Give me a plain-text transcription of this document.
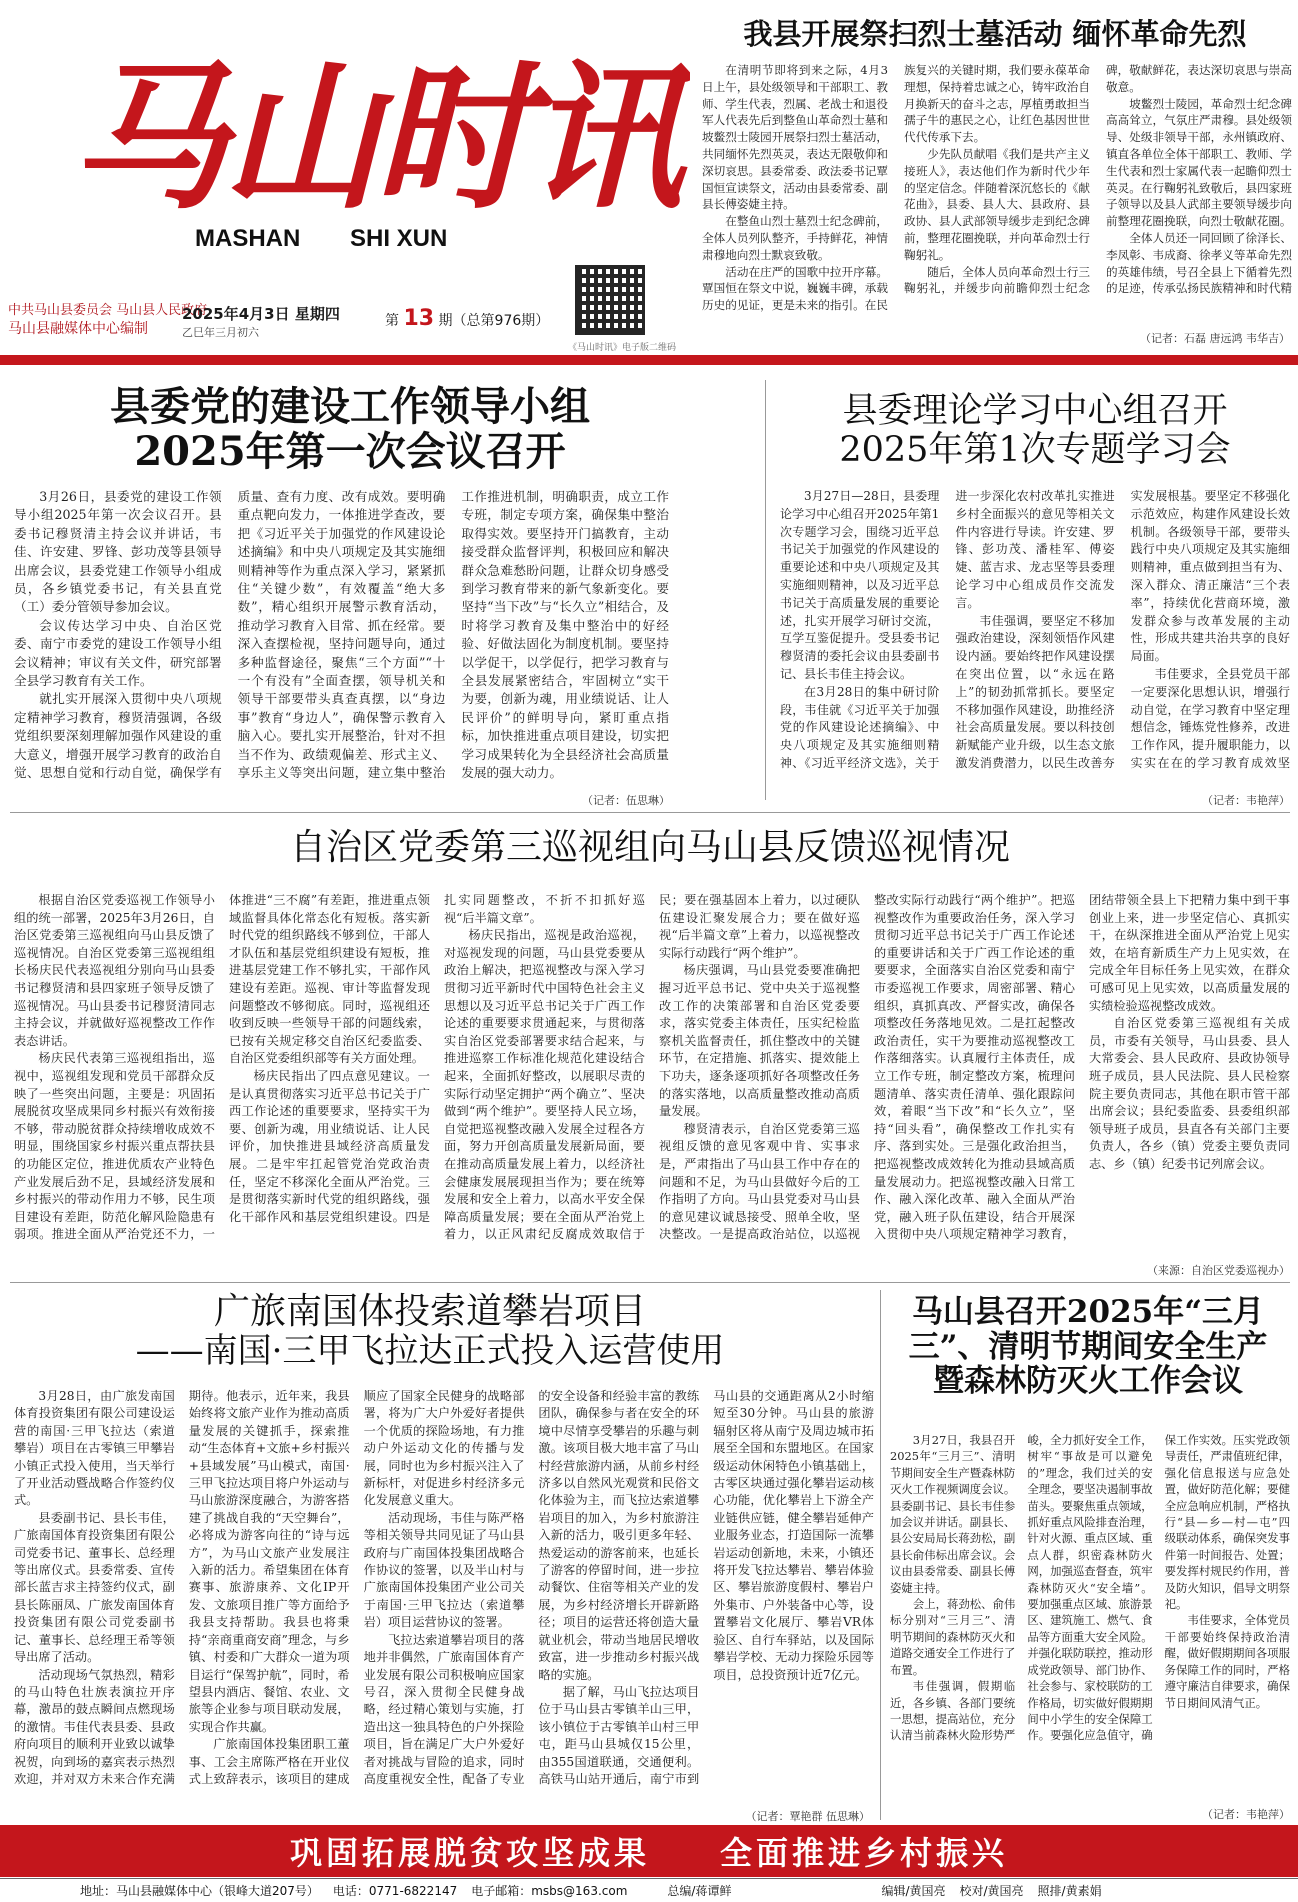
马山时讯
MASHAN SHI XUN
中共马山县委员会 马山县人民政府
马山县融媒体中心编制
2025年4月3日 星期四
乙巳年三月初六
第 13 期（总第976期）
《马山时讯》电子版二维码
我县开展祭扫烈士墓活动 缅怀革命先烈

在清明节即将到来之际，4月3日上午，县处级领导和干部职工、教师、学生代表，烈属、老战士和退役军人代表先后到整鱼山革命烈士墓和坡鳖烈士陵园开展祭扫烈士墓活动，共同缅怀先烈英灵，表达无限敬仰和深切哀思。县委常委、政法委书记覃国恒宣读祭文，活动由县委常委、副县长傅姿婕主持。

在整鱼山烈士墓烈士纪念碑前，全体人员列队整齐，手持鲜花，神情肃穆地向烈士默哀致敬。

活动在庄严的国歌中拉开序幕。覃国恒在祭文中说，巍巍丰碑，承载历史的见证，更是未来的指引。在民族复兴的关键时期，我们要永葆革命理想，保持着忠诚之心，铸牢政治自月换新天的奋斗之志，厚植勇敢担当孺子牛的惠民之心，让红色基因世世代代传承下去。

少先队员献唱《我们是共产主义接班人》，表达他们作为新时代少年的坚定信念。伴随着深沉悠长的《献花曲》，县委、县人大、县政府、县政协、县人武部领导缓步走到纪念碑前，整理花圈挽联，并向革命烈士行鞠躬礼。

随后，全体人员向革命烈士行三鞠躬礼，并缓步向前瞻仰烈士纪念碑，敬献鲜花，表达深切哀思与崇高敬意。

坡鳖烈士陵园，革命烈士纪念碑高高耸立，气氛庄严肃穆。县处级领导、处级非领导干部，永州镇政府、镇直各单位全体干部职工、教师、学生代表和烈士家属代表一起瞻仰烈士英灵。在行鞠躬礼致敬后，县四家班子领导以及县人武部主要领导缓步向前整理花圈挽联，向烈士敬献花圈。

全体人员还一同回顾了徐泽长、李凤彰、韦成裔、徐孝义等革命先烈的英雄伟绩，号召全县上下循着先烈的足迹，传承弘扬民族精神和时代精

（记者：石磊 唐远鸿 韦华吉）
县委党的建设工作领导小组
2025年第一次会议召开

3月26日，县委党的建设工作领导小组2025年第一次会议召开。县委书记穆贤清主持会议并讲话，韦佳、许安建、罗锋、彭功茂等县领导出席会议，县委党建工作领导小组成员，各乡镇党委书记，有关县直党（工）委分管领导参加会议。

会议传达学习中央、自治区党委、南宁市委党的建设工作领导小组会议精神；审议有关文件，研究部署全县学习教育有关工作。

就扎实开展深入贯彻中央八项规定精神学习教育，穆贤清强调，各级党组织要深刻理解加强作风建设的重大意义，增强开展学习教育的政治自觉、思想自觉和行动自觉，确保学有质量、查有力度、改有成效。要明确重点靶向发力，一体推进学查改，要把《习近平关于加强党的作风建设论述摘编》和中央八项规定及其实施细则精神等作为重点深入学习，紧紧抓住“关键少数”，有效覆盖“绝大多数”，精心组织开展警示教育活动，推动学习教育入目常、抓在经常。要深入查摆检视，坚持问题导向，通过多种监督途径，聚焦“三个方面”“十一个有没有”全面查摆，领导机关和领导干部要带头真查真摆，以“身边事”教育“身边人”，确保警示教育入脑入心。要扎实开展整治，针对不担当不作为、政绩观偏差、形式主义、享乐主义等突出问题，建立集中整治工作推进机制，明确职责，成立工作专班，制定专项方案，确保集中整治取得实效。要坚持开门搞教育，主动接受群众监督评判，积极回应和解决群众急难愁盼问题，让群众切身感受到学习教育带来的新气象新变化。要坚持“当下改”与“长久立”相结合，及时将学习教育及集中整治中的好经验、好做法固化为制度机制。要坚持以学促干，以学促行，把学习教育与全县发展紧密结合，牢固树立“实干为要，创新为魂，用业绩说话、让人民评价”的鲜明导向，紧盯重点指标，加快推进重点项目建设，切实把学习成果转化为全县经济社会高质量发展的强大动力。

（记者：伍思琳）
县委理论学习中心组召开
2025年第1次专题学习会

3月27日—28日，县委理论学习中心组召开2025年第1次专题学习会，围绕习近平总书记关于加强党的作风建设的重要论述和中央八项规定及其实施细则精神，以及习近平总书记关于高质量发展的重要论述，扎实开展学习研讨交流，互学互鉴促提升。受县委书记穆贤清的委托会议由县委副书记、县长韦佳主持会议。

在3月28日的集中研讨阶段，韦佳就《习近平关于加强党的作风建设论述摘编》、中央八项规定及其实施细则精神、《习近平经济文选》，关于进一步深化农村改革扎实推进乡村全面振兴的意见等相关文件内容进行导读。许安建、罗锋、彭功茂、潘桂军、傅姿婕、蓝吉求、龙志坚等县委理论学习中心组成员作交流发言。

韦佳强调，要坚定不移加强政治建设，深刻领悟作风建设内涵。要始终把作风建设摆在突出位置，以“永远在路上”的韧劲抓常抓长。要坚定不移加强作风建设，助推经济社会高质量发展。要以科技创新赋能产业升级，以生态文旅激发消费潜力，以民生改善夯实发展根基。要坚定不移强化示范效应，构建作风建设长效机制。各级领导干部，要带头践行中央八项规定及其实施细则精神，重点做到担当有为、深入群众、清正廉洁“三个表率”，持续优化营商环境，激发群众参与改革发展的主动性，形成共建共治共享的良好局面。

韦佳要求，全县党员干部一定要深化思想认识，增强行动自觉，在学习教育中坚定理想信念，锤炼党性修养，改进工作作风，提升履职能力，以实实在在的学习教育成效坚

（记者：韦艳萍）
自治区党委第三巡视组向马山县反馈巡视情况

根据自治区党委巡视工作领导小组的统一部署，2025年3月26日，自治区党委第三巡视组向马山县反馈了巡视情况。自治区党委第三巡视组组长杨庆民代表巡视组分别向马山县委书记穆贤清和县四家班子领导反馈了巡视情况。马山县委书记穆贤清同志主持会议，并就做好巡视整改工作作表态讲话。

杨庆民代表第三巡视组指出，巡视中，巡视组发现和党员干部群众反映了一些突出问题，主要是：巩固拓展脱贫攻坚成果同乡村振兴有效衔接不够，带动脱贫群众持续增收成效不明显，围绕国家乡村振兴重点帮扶县的功能区定位，推进优质农产业特色产业发展后劲不足，县域经济发展和乡村振兴的带动作用力不够，民生项目建设有差距，防范化解风险隐患有弱项。推进全面从严治党还不力，一体推进“三不腐”有差距，推进重点领域监督具体化常态化有短板。落实新时代党的组织路线不够到位，干部人才队伍和基层党组织建设有短板，推进基层党建工作不够扎实，干部作风建设有差距。巡视、审计等监督发现问题整改不够彻底。同时，巡视组还收到反映一些领导干部的问题线索，已按有关规定移交自治区纪委监委、自治区党委组织部等有关方面处理。

杨庆民指出了四点意见建议。一是认真贯彻落实习近平总书记关于广西工作论述的重要要求，坚持实干为要、创新为魂，用业绩说话、让人民评价，加快推进县域经济高质量发展。二是牢牢扛起管党治党政治责任，坚定不移深化全面从严治党。三是贯彻落实新时代党的组织路线，强化干部作风和基层党组织建设。四是扎实同题整改，不折不扣抓好巡视“后半篇文章”。

杨庆民指出，巡视是政治巡视，对巡视发现的问题，马山县党委要从政治上解决，把巡视整改与深入学习贯彻习近平新时代中国特色社会主义思想以及习近平总书记关于广西工作论述的重要要求贯通起来，与贯彻落实自治区党委部署要求结合起来，与推进巡察工作标准化规范化建设结合起来，全面抓好整改，以展职尽责的实际行动坚定拥护“两个确立”、坚决做到“两个维护”。要坚持人民立场，自觉把巡视整改融入发展全过程各方面，努力开创高质量发展新局面，要在推动高质量发展上着力，以经济社会健康发展展现担当作为；要在统筹发展和安全上着力，以高水平安全保障高质量发展；要在全面从严治党上着力，以正风肃纪反腐成效取信于民；要在强基固本上着力，以过硬队伍建设汇聚发展合力；要在做好巡视“后半篇文章”上着力，以巡视整改实际行动践行“两个维护”。

杨庆强调，马山县党委要准确把握习近平总书记、党中央关于巡视整改工作的决策部署和自治区党委要求，落实党委主体责任，压实纪检监察机关监督责任，抓住整改中的关键环节，在定措施、抓落实、提效能上下功夫，逐条逐项抓好各项整改任务的落实落地，以高质量整改推动高质量发展。

穆贤清表示，自治区党委第三巡视组反馈的意见客观中肯、实事求是，严肃指出了马山县工作中存在的问题和不足，为马山县做好今后的工作指明了方向。马山县党委对马山县的意见建议诚恳接受、照单全收，坚决整改。一是提高政治站位，以巡视整改实际行动践行“两个维护”。把巡视整改作为重要政治任务，深入学习贯彻习近平总书记关于广西工作论述的重要讲话和关于广西工作论述的重要要求，全面落实自治区党委和南宁市委巡视工作要求，周密部署、精心组织，真抓真改、严督实改，确保各项整改任务落地见效。二是扛起整改政治责任，实干为要推动巡视整改工作落细落实。认真履行主体责任，成立工作专班，制定整改方案，梳理问题清单、落实责任清单、强化跟踪问效，着眼“当下改”和“长久立”，坚持“回头看”，确保整改工作扎实有序、落到实处。三是强化政治担当，把巡视整改成效转化为推动县域高质量发展动力。把巡视整改融入日常工作、融入深化改革、融入全面从严治党，融入班子队伍建设，结合开展深入贯彻中央八项规定精神学习教育，团结带领全县上下把精力集中到干事创业上来，进一步坚定信心、真抓实干，在纵深推进全面从严治党上见实效，在培育新质生产力上见实效，在完成全年目标任务上见实效，在群众可感可见上见实效，以高质量发展的实绩检验巡视整改成效。

自治区党委第三巡视组有关成员，市委有关领导，马山县委、县人大常委会、县人民政府、县政协领导班子成员，县人民法院、县人民检察院主要负责同志，其他在职市管干部出席会议；县纪委监委、县委组织部领导班子成员，县直各有关部门主要负责人，各乡（镇）党委主要负责同志、乡（镇）纪委书记列席会议。

（来源：自治区党委巡视办）
广旅南国体投索道攀岩项目
——南国·三甲飞拉达正式投入运营使用

3月28日，由广旅发南国体育投资集团有限公司建设运营的南国·三甲飞拉达（索道攀岩）项目在古零镇三甲攀岩小镇正式投入使用，当天举行了开业活动暨战略合作签约仪式。

县委副书记、县长韦佳，广旅南国体育投资集团有限公司党委书记、董事长、总经理等出席仪式。县委常委、宣传部长蓝吉求主持签约仪式，副县长陈丽凤、广旅发南国体育投资集团有限公司党委副书记、董事长、总经理王希等领导出席了活动。

活动现场气氛热烈，精彩的马山特色壮族表演拉开序幕，激昂的鼓点瞬间点燃现场的激情。韦佳代表县委、县政府向项目的顺利开业致以诚挚祝贺，向到场的嘉宾表示热烈欢迎，并对双方未来合作充满期待。他表示，近年来，我县始终将文旅产业作为推动高质量发展的关键抓手，探索推动“生态体育+文旅+乡村振兴+县域发展”马山模式，南国·三甲飞拉达项目将户外运动与马山旅游深度融合，为游客搭建了挑战自我的“天空舞台”，必将成为游客向往的“诗与远方”，为马山文旅产业发展注入新的活力。希望集团在体育赛事、旅游康养、文化IP开发、文旅项目推广等方面给予我县支持帮助。我县也将秉持“亲商重商安商”理念，与乡镇、村委和广大群众一道为项目运行“保驾护航”，同时，希望县内酒店、餐馆、农业、文旅等企业参与项目联动发展，实现合作共赢。

广旅南国体投集团职工董事、工会主席陈严格在开业仪式上致辞表示，该项目的建成顺应了国家全民健身的战略部署，将为广大户外爱好者提供一个优质的探险场地，有力推动户外运动文化的传播与发展，同时也为乡村振兴注入了新标杆，对促进乡村经济多元化发展意义重大。

活动现场，韦佳与陈严格等相关领导共同见证了马山县政府与广南国体投集团战略合作协议的签署，以及半山村与广旅南国体投集团产业公司关于南国·三甲飞拉达（索道攀岩）项目运营协议的签署。

飞拉达索道攀岩项目的落地并非偶然，广旅南国体育产业发展有限公司积极响应国家号召，深入贯彻全民健身战略，经过精心策划与实施，打造出这一独具特色的户外探险项目，旨在满足广大户外爱好者对挑战与冒险的追求，同时高度重视安全性，配备了专业的安全设备和经验丰富的教练团队，确保参与者在安全的环境中尽情享受攀岩的乐趣与刺激。该项目极大地丰富了马山村经营旅游内涵，从前乡村经济多以自然风光观赏和民俗文化体验为主，而飞拉达索道攀岩项目的加入，为乡村旅游注入新的活力，吸引更多年轻、热爱运动的游客前来，也延长了游客的停留时间，进一步拉动餐饮、住宿等相关产业的发展，为乡村经济增长开辟新路径；项目的运营还将创造大量就业机会，带动当地居民增收致富，进一步推动乡村振兴战略的实施。

据了解，马山飞拉达项目位于马山县古零镇羊山三甲，该小镇位于古零镇羊山村三甲屯，距马山县城仅15公里，由355国道联通，交通便利。高铁马山站开通后，南宁市到马山县的交通距离从2小时缩短至30分钟。马山县的旅游辐射区将从南宁及周边城市拓展至全国和东盟地区。在国家级运动休闲特色小镇基础上，古零区块通过强化攀岩运动核心功能，优化攀岩上下游全产业链供应链，健全攀岩延伸产业服务业态，打造国际一流攀岩运动创新地，未来，小镇还将开发飞拉达攀岩、攀岩体验区、攀岩旅游度假村、攀岩户外集市、户外装备中心等，设置攀岩文化展厅、攀岩VR体验区、自行车驿站，以及国际攀岩学校、无动力探险乐园等项目，总投资预计近7亿元。

（记者：覃艳群 伍思琳）
马山县召开2025年“三月三”、清明节期间安全生产
暨森林防灭火工作会议

3月27日，我县召开2025年“三月三”、清明节期间安全生产暨森林防灭火工作视频调度会议。县委副书记、县长韦佳参加会议并讲话。副县长、县公安局局长蒋劲松，副县长俞伟标出席会议。会议由县委常委、副县长傅姿婕主持。

会上，蒋劲松、俞伟标分别对“三月三”、清明节期间的森林防灭火和道路交通安全工作进行了布置。

韦佳强调，假期临近，各乡镇、各部门要统一思想，提高站位，充分认清当前森林火险形势严峻，全力抓好安全工作，树牢“事故是可以避免的”理念，我们过关的安全理念，要坚决遏制事故苗头。要聚焦重点领域，抓好重点风险排查治理，针对火源、重点区域、重点人群，织密森林防火网，加强巡查督查，筑牢森林防灭火“安全墙”。要加强重点区域、旅游景区、建筑施工、燃气、食品等方面重大安全风险。并强化联防联控，推动形成党政领导、部门协作、社会参与、家校联防的工作格局，切实做好假期期间中小学生的安全保障工作。要强化应急值守，确保工作实效。压实党政领导责任，严肃值班纪律，强化信息报送与应急处置，做好防范化解；要健全应急响应机制，严格执行“县—乡—村—屯”四级联动体系，确保突发事件第一时间报告、处置；要发挥村规民约作用，普及防火知识，倡导文明祭祀。

韦佳要求，全体党员干部要始终保持政治清醒，做好假期期间各项服务保障工作的同时，严格遵守廉洁自律要求，确保节日期间风清气正。

（记者：韦艳萍）
巩固拓展脱贫攻坚成果 全面推进乡村振兴
地址：马山县融媒体中心（银峰大道207号） 电话：0771-6822147 电子邮箱：msbs@163.com	总编/蒋谭鲜	编辑/黄国亮 校对/黄国亮 照排/黄素娟
